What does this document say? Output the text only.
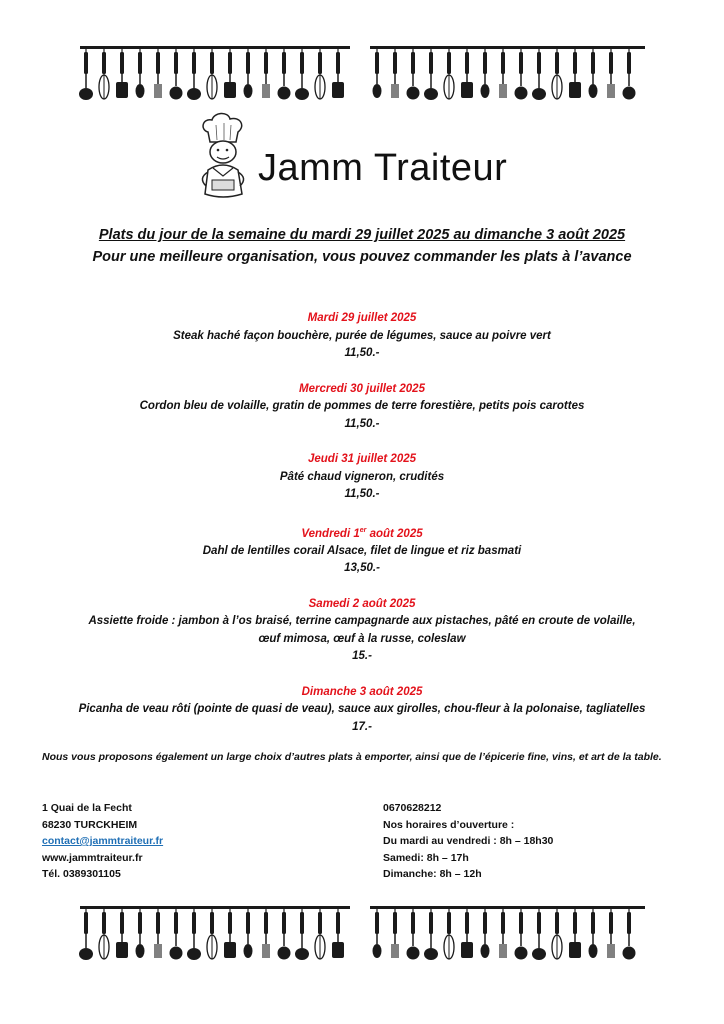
Jamm Traiteur
Plats du jour de la semaine du mardi 29 juillet 2025 au dimanche 3 août 2025
Pour une meilleure organisation, vous pouvez commander les plats à l’avance
Mardi 29 juillet 2025
Steak haché façon bouchère, purée de légumes, sauce au poivre vert
11,50.-
Mercredi 30 juillet 2025
Cordon bleu de volaille, gratin de pommes de terre forestière, petits pois carottes
11,50.-
Jeudi 31 juillet 2025
Pâté chaud vigneron, crudités
11,50.-
Vendredi 1er août 2025
Dahl de lentilles corail Alsace, filet de lingue et riz basmati
13,50.-
Samedi 2 août 2025
Assiette froide : jambon à l’os braisé, terrine campagnarde aux pistaches, pâté en croute de volaille,
œuf mimosa, œuf à la russe, coleslaw
15.-
Dimanche 3 août 2025
Picanha de veau rôti (pointe de quasi de veau), sauce aux girolles, chou-fleur à la polonaise, tagliatelles
17.-
Nous vous proposons également un large choix d’autres plats à emporter, ainsi que de l’épicerie fine, vins, et art de la table.
1 Quai de la Fecht
68230 TURCKHEIM
contact@jammtraiteur.fr
www.jammtraiteur.fr
Tél. 0389301105
0670628212
Nos horaires d’ouverture :
Du mardi au vendredi : 8h – 18h30
Samedi: 8h – 17h
Dimanche: 8h – 12h
